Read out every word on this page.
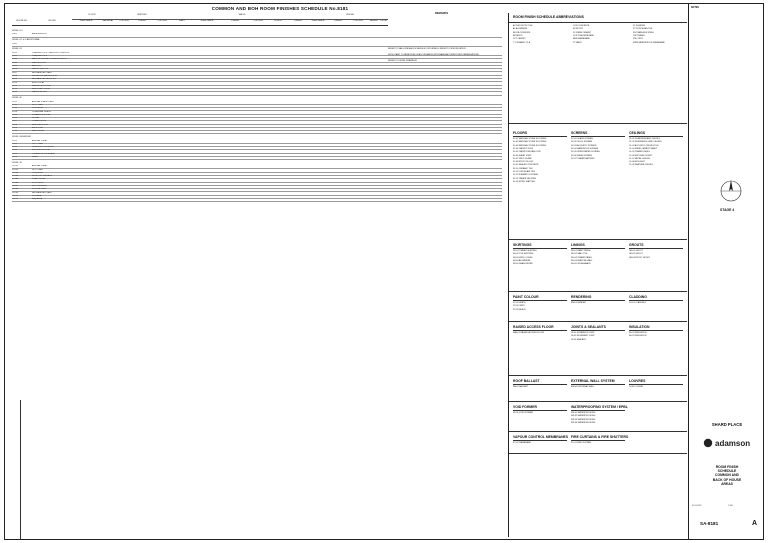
COMMON AND BOH ROOM FINISHES SCHEDULE No.8181
REMARKS
ROOM NO.	ROOM	SUBSTRATE	MATERIAL	COLOUR	FINISH	COLOUR	WALL	SUBSTRATE	FINISH	COLOUR	PLINTH	FINISH	SUBSTRATE	FINISH	COLOUR	HEIGHT	LEVEL
FLOOR	SKIRTING	WALLS	CEILING
LEVEL 0.0
TR01	AIRSIDE/ENTRY
LEVEL 0.1 & 2 ADDITIONAL
TR02
LEVEL 01
L0.01	LOADING DOCK / SERVICE CORRIDOR
L0.02	LOADING DOCK
L0.03	BACK OF HOUSE CORRIDOR ENTRY
L0.04	WASTE ROOM
L0.05	AIRLOCK
L0.06	PATROL SWITCH
L0.07	MECHANICAL PLANT
L0.08	SPRINKLER VALVE ROOM
L0.09	MECHANICAL SERVICES
L0.10	ELECTRICAL
L0.11	GAS METER ROOM
L0.12	FIRE PUMP ROOM
L0.13	WATER METER
LEVEL 02
L2.01	ARRIVAL STAIR/LOBBY
L2.02	LIFT LOBBY
L2.03	CORRIDOR
L2.04	COMMUNAL SPACE
L2.05	CLEANER'S ROOM
L2.06	STORE
L2.07	COMMS ROOM
L2.08	MEETING ROOM
L2.09	BIN STORE
L2.10	BIKE STORE
LEVEL 03/04/05/06
L3.01	ARRIVAL LOBBY
L3.02	LIFT LOBBY
L3.03	RESIDENT CORRIDOR
L3.04	BIN CHUTE ROOM
L3.05	CLEANER'S CUPBOARD
L3.06	RISER
LEVEL 10
L10.01	ARRIVAL LOBBY
L10.02	LIFT LOBBY
L10.03	CORRIDOR
L10.04	ROOFTOP TERRACE
L10.05	PLANT ROOM
L10.06	POOL DECK
L10.07	LIFT OVERRUN
L10.08	ROOF ACCESS
L10.09	MECHANICAL PLANT
L10.10	STORAGE
L10.11	BBQ AREA
REFER TO WALL FINISHES SCHEDULE FOR DETAILS. REFER TO SPECIFICATION
NOTE: PAINT TO BE APPLIED IN ACCORDANCE WITH MANUFACTURER'S RECOMMENDATIONS
REFER TO DETAIL DRAWINGS
ROOM FINISH SCHEDULE ABBREVIATIONS
ACT ACOUSTIC TILE
AL ALUMINIUM
BLK BLOCKWORK
BR BRICK
CPT CARPET
CT CERAMIC TILE
CON CONCRETE
EP EPOXY
FC FIBRE CEMENT
GYP PLASTERBOARD
MEM MEMBRANE
PT PAINT
PL PLASTER
PT PORCELAIN TILE
SS STAINLESS STEEL
TIM TIMBER
VNL VINYL
WPM WATERPROOF MEMBRANE
FLOORS
FL-01 NATURAL STONE FLOORING
FL-02 NATURAL STONE FLOORING
FL-03 NATURAL STONE FLOORING
FL-04 CARPET TILES
FL-05 CARPET BROADLOOM
FL-06 SHEET VINYL
FL-07 VINYL PLANK
FL-08 EPOXY FLOOR
FL-09 SEALED CONCRETE
FL-10 CERAMIC TILE
FL-11 PORCELAIN TILE
FL-12 RUBBER FLOORING
FL-13 TIMBER DECKING
FL-14 ENTRY MATTING
SCREENS
SC-01 GLASS SCREEN
SC-02 SOLID SCREEN
SC-03 ACOUSTIC SCREEN
SC-04 HARDWOOD SCREEN
SC-05 PERFORATED SCREEN
SC-06 MESH SCREEN
SC-07 TIMBER BATTENS
CEILINGS
CL-01 PLASTERBOARD CEILING
CL-02 SUSPENDED GRID CEILING
CL-03 ACOUSTIC CEILING TILE
CL-04 FIBRE CEMENT SHEET
CL-05 TIMBER LINING
CL-06 EXPOSED SOFFIT
CL-07 METAL CEILING
CL-08 SKYLIGHT
CL-09 FEATURE CEILING
SKIRTINGS
SK-01 TIMBER SKIRTING
SK-02 TILE SKIRTING
SK-03 VINYL COVED
SK-04 ALUMINIUM
SK-05 SHADOWLINE
LININGS
WL-01 PAINT FINISH
WL-02 WALL TILE
WL-03 TIMBER PANEL
WL-04 FEATURE WALL
WL-05 SPLASHBACK
GROUTS
GR-01 GROUT
GR-02 GROUT
GR-03 EPOXY GROUT
PAINT COLOUR
PC-01 WHITE
PC-02 GREY
PC-03 BLACK
RENDERING
RN-01 RENDER
CLADDING
CD-01 CLADDING
RAISED ACCESS FLOOR
RAF-01 RAISED ACCESS FLOOR
JOINTS & SEALANTS
JS-01 EXPANSION JOINT
JS-02 MOVEMENT JOINT
JS-03 SEALANT
INSULATION
IN-01 INSULATION
IN-02 INSULATION
ROOF BALLAST
RB-01 BALLAST
EXTERNAL WALL SYSTEM
EW-01 EXTERNAL WALL
LOUVRES
LV-01 LOUVRE
VOID FORMER
VF-01 VOID FORMER
WATERPROOFING SYSTEM / EPBL
WP-01 WATERPROOFING
WP-02 WATERPROOFING
WP-03 WATERPROOFING
WP-04 WATERPROOFING
VAPOUR CONTROL MEMBRANES
VC-01 MEMBRANE
FIRE CURTAINS & FIRE SHUTTERS
FC-01 FIRE CURTAIN
NOTES
STAGE 4
SHARD PLACE
adamson
ROOM FINISH
SCHEDULE
COMMON AND
BACK OF HOUSE
AREAS
01.03.2019	1:100
SA-8181	A
